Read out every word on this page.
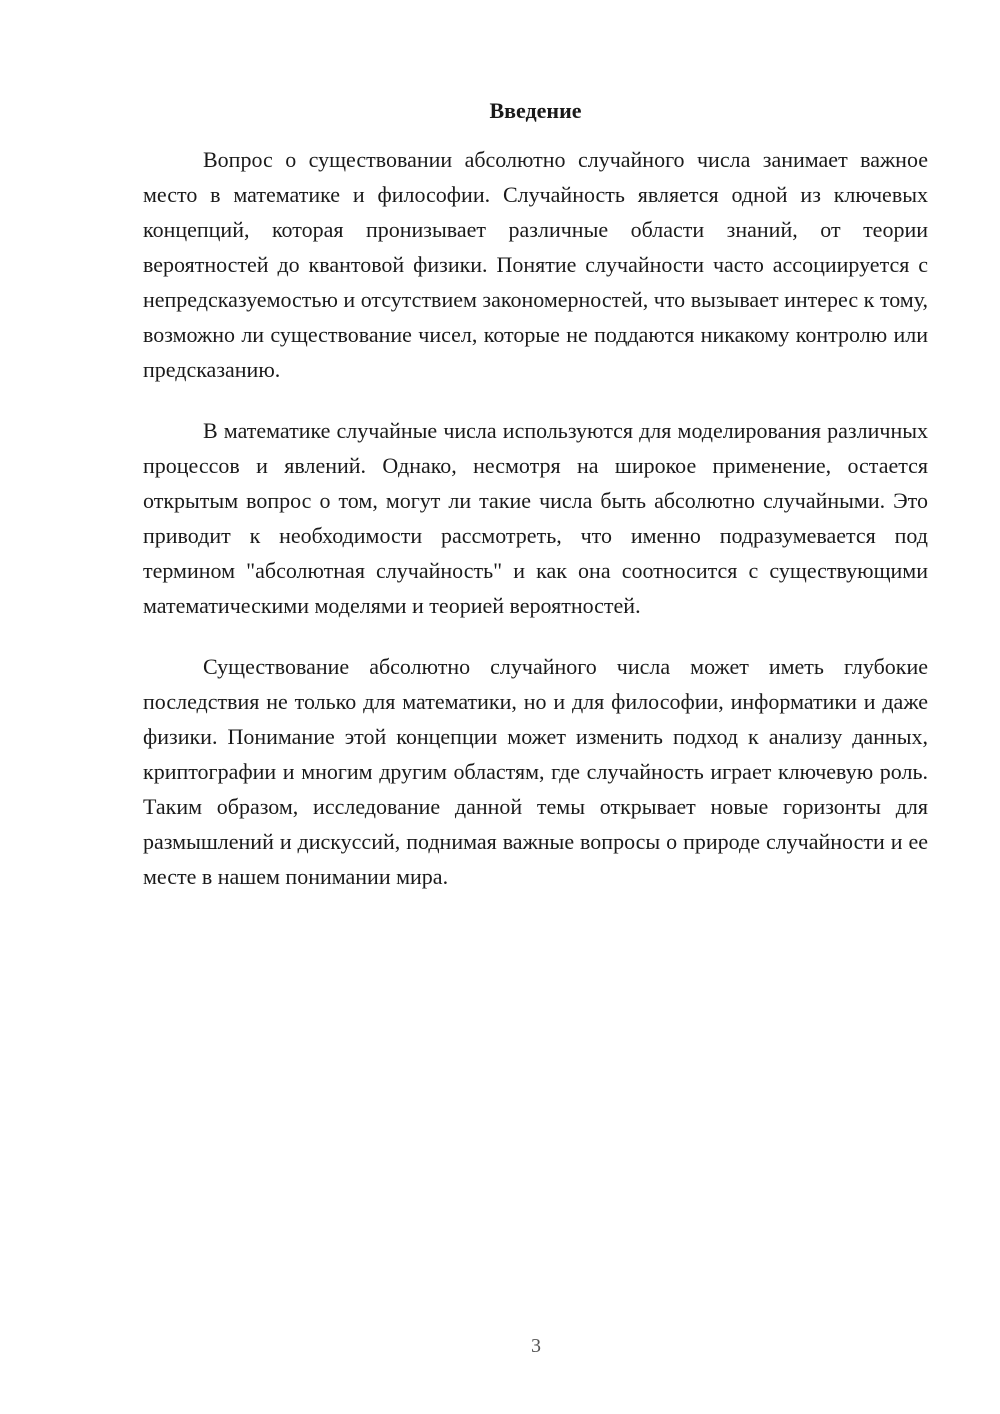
Введение

Вопрос о существовании абсолютно случайного числа занимает важное место в математике и философии. Случайность является одной из ключевых концепций, которая пронизывает различные области знаний, от теории вероятностей до квантовой физики. Понятие случайности часто ассоциируется с непредсказуемостью и отсутствием закономерностей, что вызывает интерес к тому, возможно ли существование чисел, которые не поддаются никакому контролю или предсказанию.

В математике случайные числа используются для моделирования различных процессов и явлений. Однако, несмотря на широкое применение, остается открытым вопрос о том, могут ли такие числа быть абсолютно случайными. Это приводит к необходимости рассмотреть, что именно подразумевается под термином "абсолютная случайность" и как она соотносится с существующими математическими моделями и теорией вероятностей.

Существование абсолютно случайного числа может иметь глубокие последствия не только для математики, но и для философии, информатики и даже физики. Понимание этой концепции может изменить подход к анализу данных, криптографии и многим другим областям, где случайность играет ключевую роль. Таким образом, исследование данной темы открывает новые горизонты для размышлений и дискуссий, поднимая важные вопросы о природе случайности и ее месте в нашем понимании мира.

3
